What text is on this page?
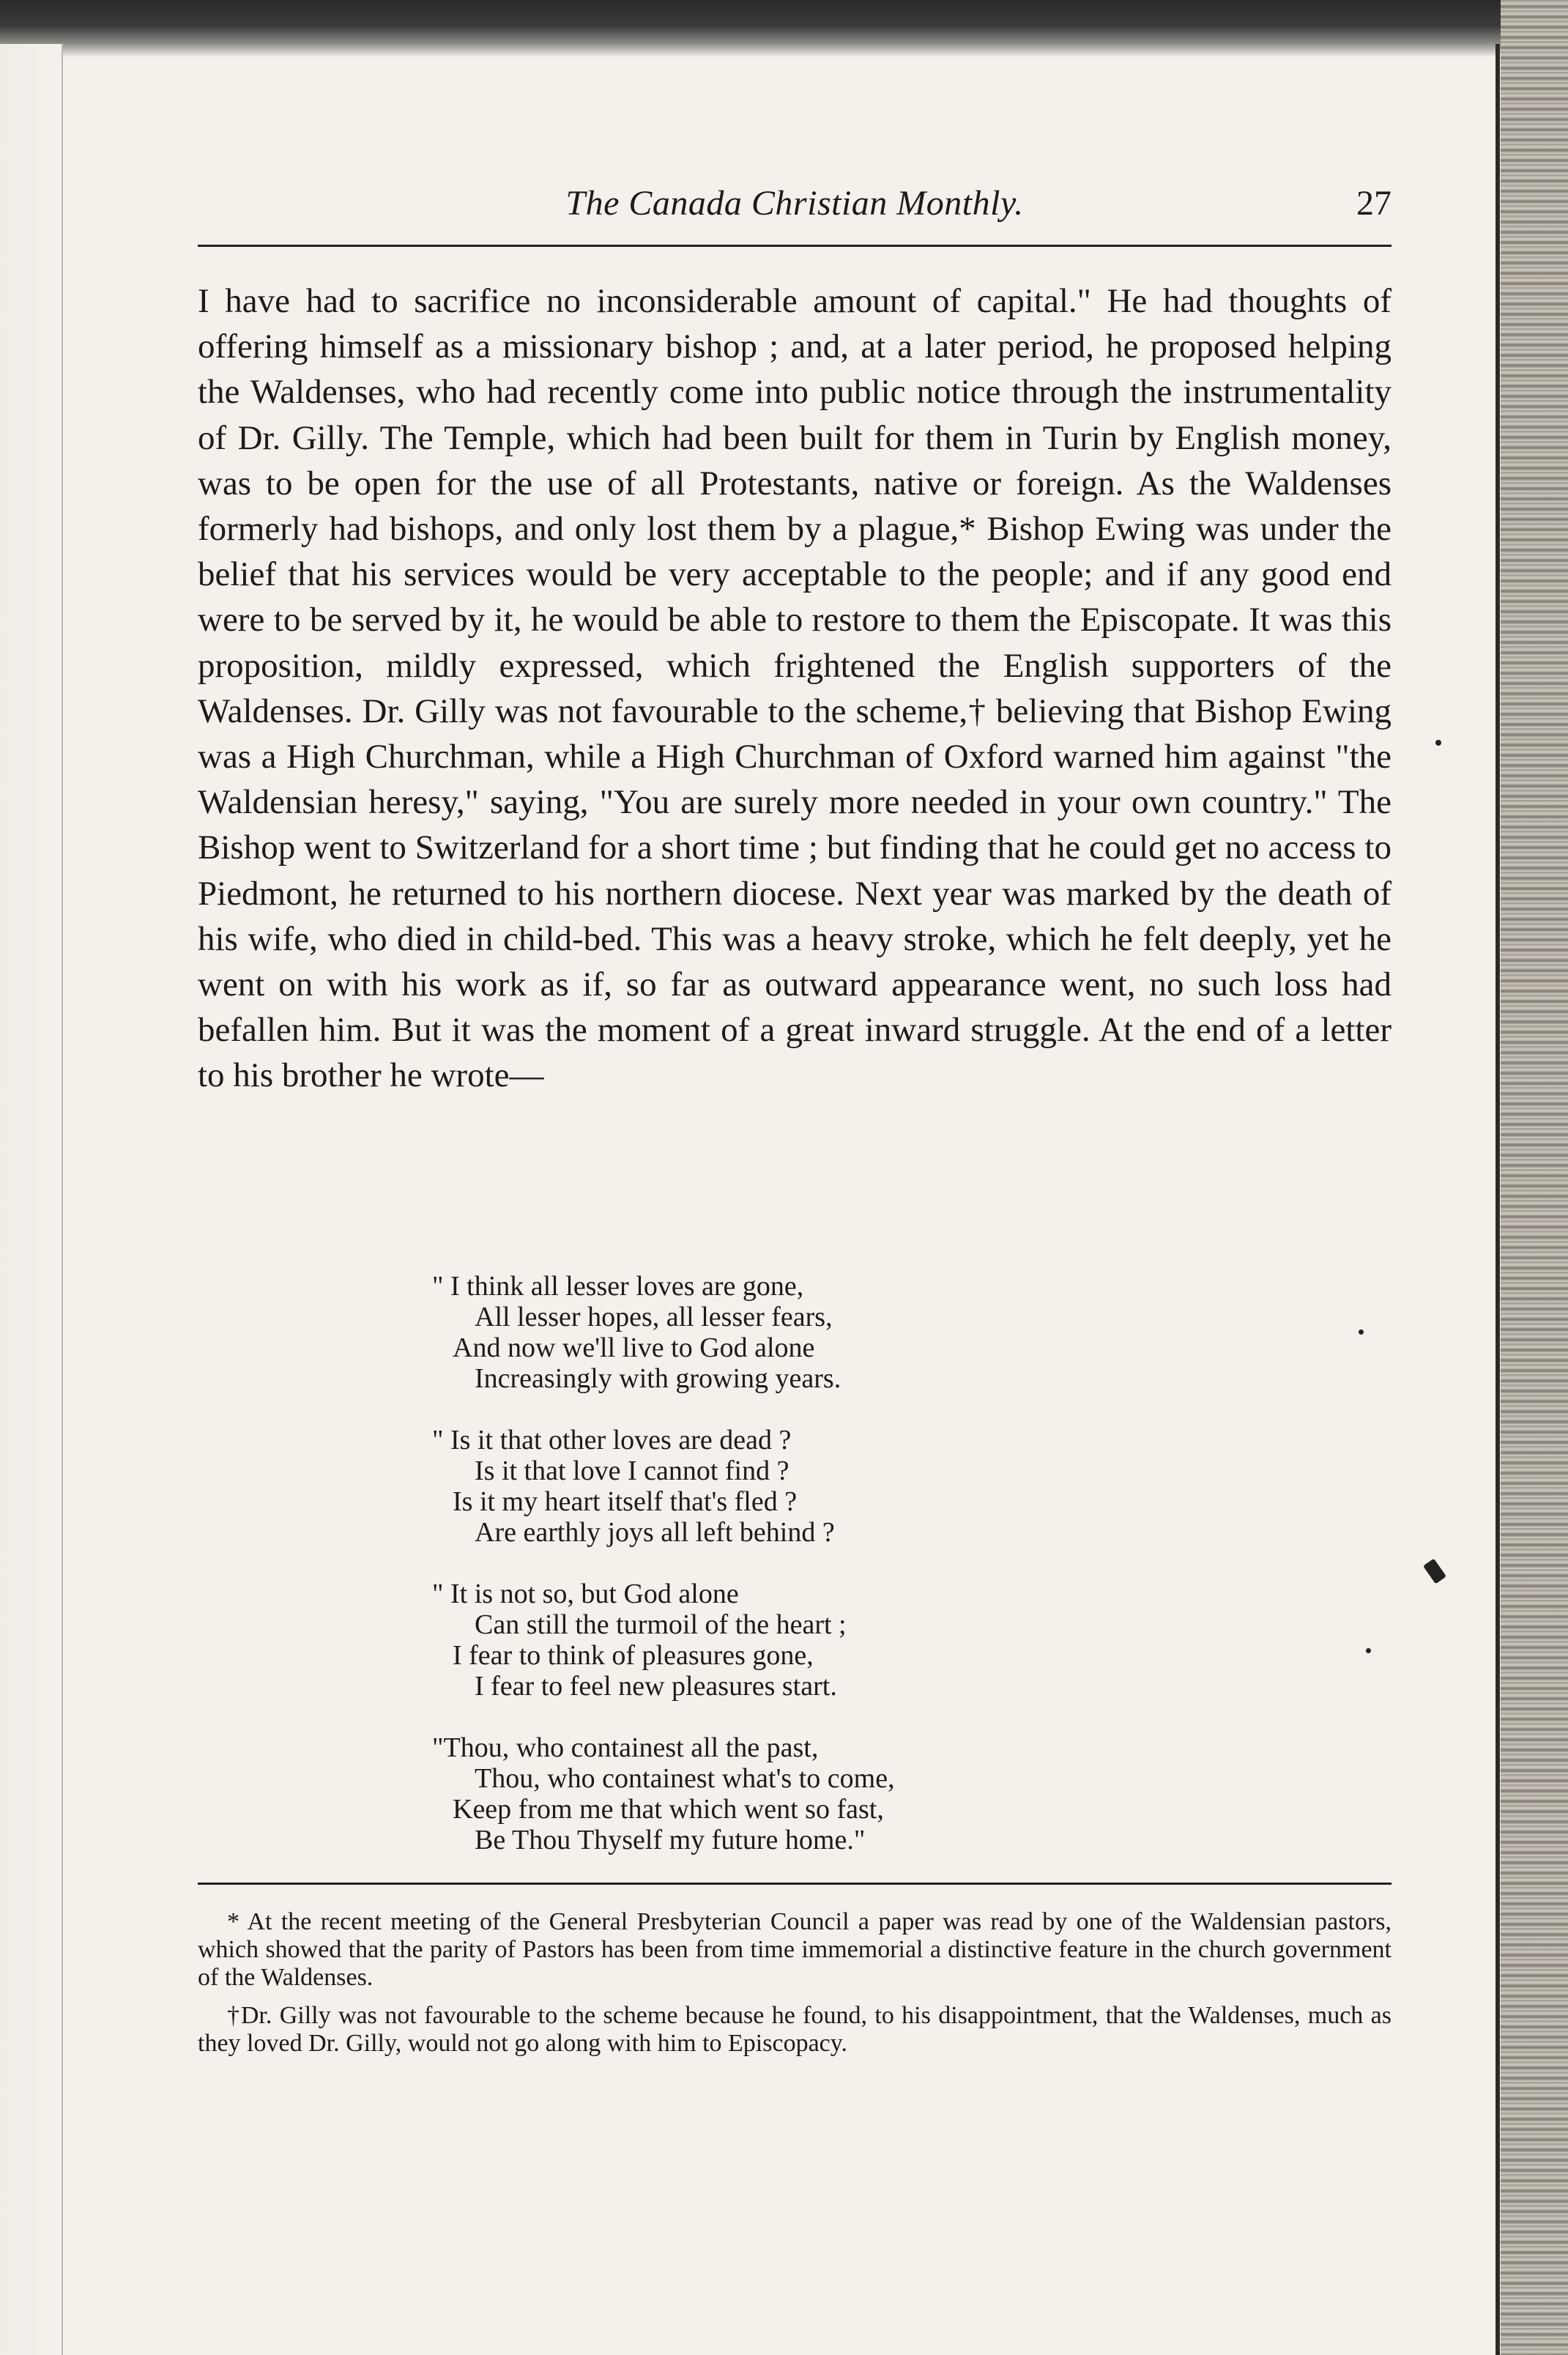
The Canada Christian Monthly.	27

I have had to sacrifice no inconsiderable amount of capital." He had thoughts of offering himself as a missionary bishop ; and, at a later period, he proposed helping the Waldenses, who had recently come into public notice through the instrumentality of Dr. Gilly. The Temple, which had been built for them in Turin by English money, was to be open for the use of all Protestants, native or foreign. As the Waldenses formerly had bishops, and only lost them by a plague,* Bishop Ewing was under the belief that his services would be very acceptable to the people; and if any good end were to be served by it, he would be able to restore to them the Episcopate. It was this proposition, mildly expressed, which frightened the English supporters of the Waldenses. Dr. Gilly was not favourable to the scheme,† believing that Bishop Ewing was a High Churchman, while a High Churchman of Oxford warned him against "the Waldensian heresy," saying, "You are surely more needed in your own country." The Bishop went to Switzerland for a short time ; but finding that he could get no access to Piedmont, he returned to his northern diocese. Next year was marked by the death of his wife, who died in child-bed. This was a heavy stroke, which he felt deeply, yet he went on with his work as if, so far as outward appearance went, no such loss had befallen him. But it was the moment of a great inward struggle. At the end of a letter to his brother he wrote—

" I think all lesser loves are gone,
All lesser hopes, all lesser fears,
And now we'll live to God alone
Increasingly with growing years.
" Is it that other loves are dead ?
Is it that love I cannot find ?
Is it my heart itself that's fled ?
Are earthly joys all left behind ?
" It is not so, but God alone
Can still the turmoil of the heart ;
I fear to think of pleasures gone,
I fear to feel new pleasures start.
"Thou, who containest all the past,
Thou, who containest what's to come,
Keep from me that which went so fast,
Be Thou Thyself my future home."

* At the recent meeting of the General Presbyterian Council a paper was read by one of the Waldensian pastors, which showed that the parity of Pastors has been from time immemorial a distinctive feature in the church government of the Waldenses.

†Dr. Gilly was not favourable to the scheme because he found, to his disappointment, that the Waldenses, much as they loved Dr. Gilly, would not go along with him to Episcopacy.
